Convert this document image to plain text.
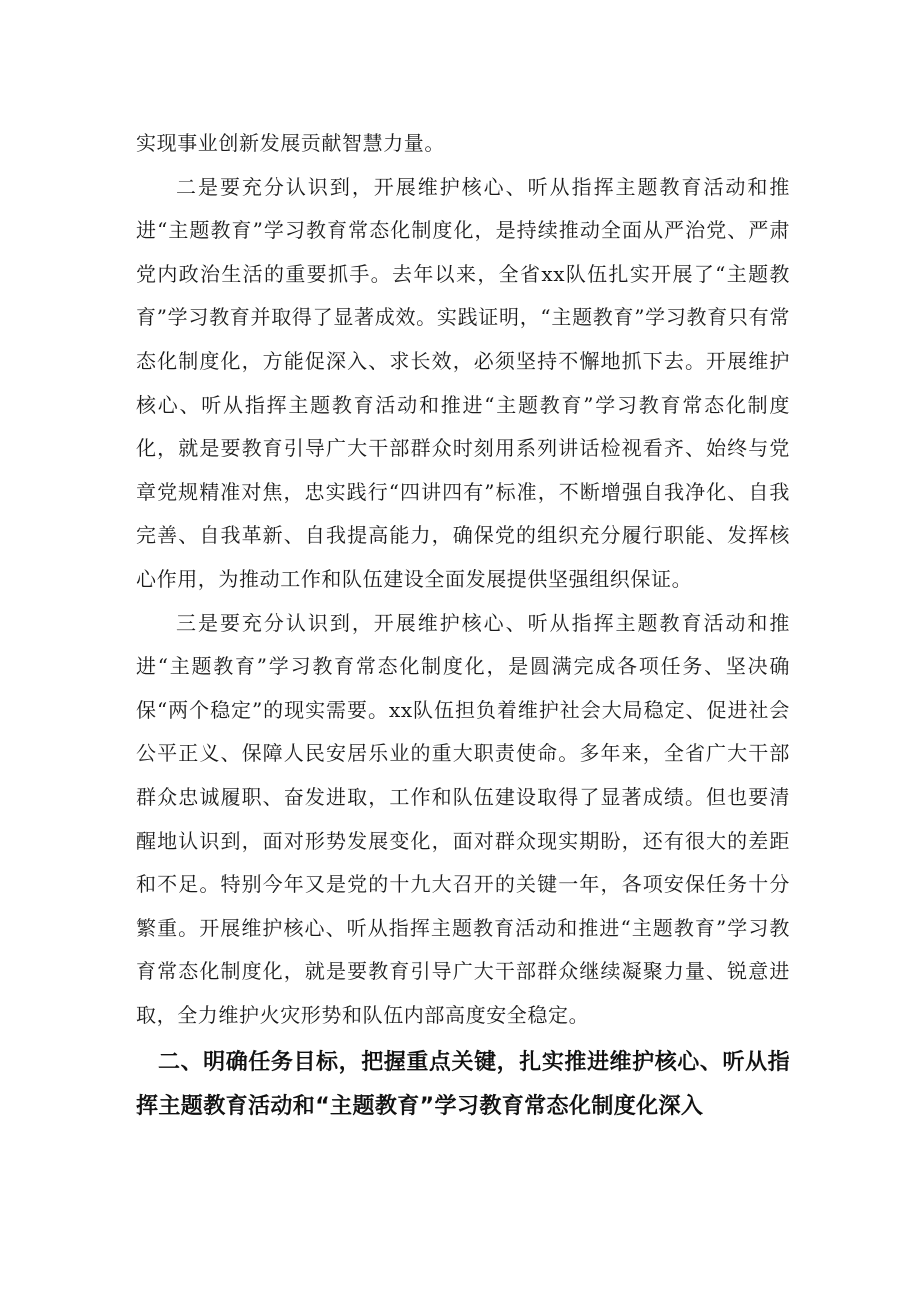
实现事业创新发展贡献智慧力量。

二是要充分认识到，开展维护核心、听从指挥主题教育活动和推进“主题教育”学习教育常态化制度化，是持续推动全面从严治党、严肃党内政治生活的重要抓手。去年以来，全省xx队伍扎实开展了“主题教育”学习教育并取得了显著成效。实践证明，“主题教育”学习教育只有常态化制度化，方能促深入、求长效，必须坚持不懈地抓下去。开展维护核心、听从指挥主题教育活动和推进“主题教育”学习教育常态化制度化，就是要教育引导广大干部群众时刻用系列讲话检视看齐、始终与党章党规精准对焦，忠实践行“四讲四有”标准，不断增强自我净化、自我完善、自我革新、自我提高能力，确保党的组织充分履行职能、发挥核心作用，为推动工作和队伍建设全面发展提供坚强组织保证。

三是要充分认识到，开展维护核心、听从指挥主题教育活动和推进“主题教育”学习教育常态化制度化，是圆满完成各项任务、坚决确保“两个稳定”的现实需要。xx队伍担负着维护社会大局稳定、促进社会公平正义、保障人民安居乐业的重大职责使命。多年来，全省广大干部群众忠诚履职、奋发进取，工作和队伍建设取得了显著成绩。但也要清醒地认识到，面对形势发展变化，面对群众现实期盼，还有很大的差距和不足。特别今年又是党的十九大召开的关键一年，各项安保任务十分繁重。开展维护核心、听从指挥主题教育活动和推进“主题教育”学习教育常态化制度化，就是要教育引导广大干部群众继续凝聚力量、锐意进取，全力维护火灾形势和队伍内部高度安全稳定。

二、明确任务目标，把握重点关键，扎实推进维护核心、听从指挥主题教育活动和“主题教育”学习教育常态化制度化深入
